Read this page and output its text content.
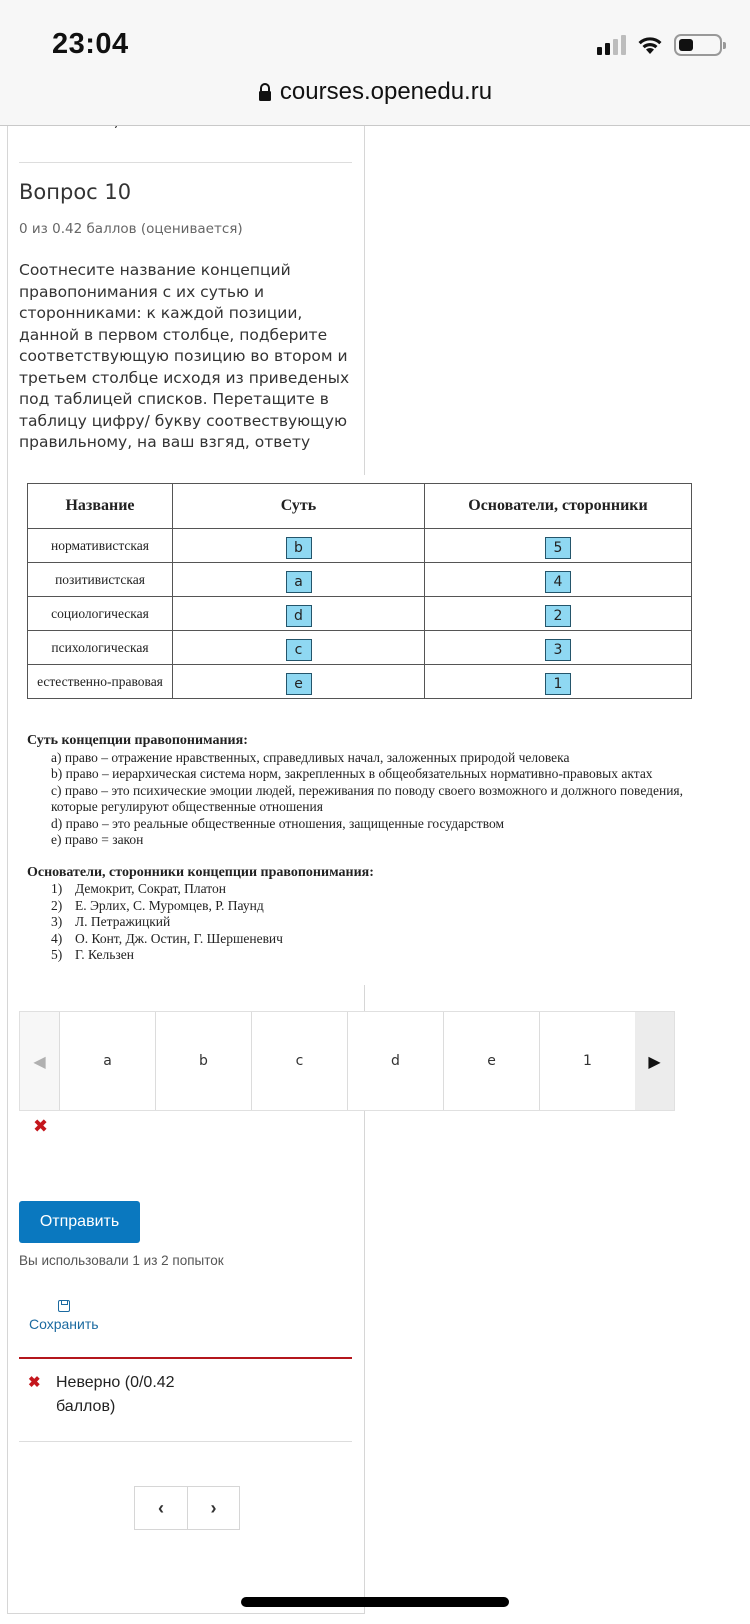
23:04
courses.openedu.ru
Вопрос 10
0 из 0.42 баллов (оценивается)

Соотнесите название концепций правопонимания с их сутью и сторонниками: к каждой позиции, данной в первом столбце, подберите соответствующую позицию во втором и третьем столбце исходя из приведеных под таблицей списков. Перетащите в таблицу цифру/ букву соотвествующую правильному, на ваш взгяд, ответу

Название	Суть	Основатели, сторонники
нормативистская	b	5
позитивистская	a	4
социологическая	d	2
психологическая	c	3
естественно-правовая	e	1
Суть концепции правопонимания:
a) право – отражение нравственных, справедливых начал, заложенных природой человека
b) право – иерархическая система норм, закрепленных в общеобязательных нормативно-правовых актах
c) право – это психические эмоции людей, переживания по поводу своего возможного и должного поведения, которые регулируют общественные отношения
d) право – это реальные общественные отношения, защищенные государством
e) право = закон
Основатели, сторонники концепции правопонимания:
1) Демокрит, Сократ, Платон
2) Е. Эрлих, С. Муромцев, Р. Паунд
3) Л. Петражицкий
4) О. Конт, Дж. Остин, Г. Шершеневич
5) Г. Кельзен
◀	a	b	c	d	e	1	▶
✖
Отправить
Вы использовали 1 из 2 попыток
Сохранить
✖ Неверно (0/0.42 баллов)
‹	›
